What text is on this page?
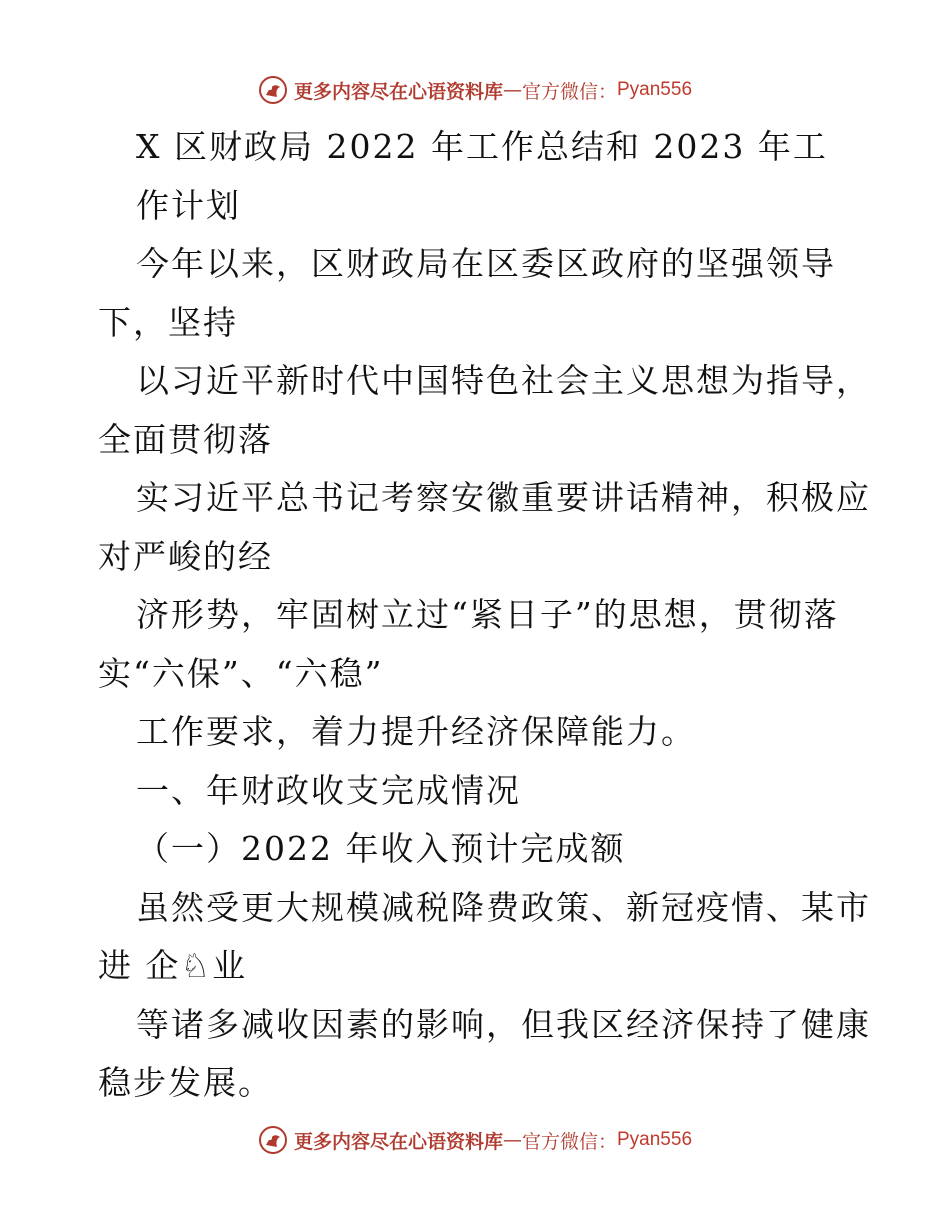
更多内容尽在心语资料库 — 官方微信： Pyan556
X 区财政局 2022 年工作总结和 2023 年工
作计划
今年以来，区财政局在区委区政府的坚强领导
下，坚持
以习近平新时代中国特色社会主义思想为指导，
全面贯彻落
实习近平总书记考察安徽重要讲话精神，积极应
对严峻的经
济形势，牢固树立过“紧日子”的思想，贯彻落
实“六保”、“六稳”
工作要求，着力提升经济保障能力。
一、年财政收支完成情况
（一）2022 年收入预计完成额
虽然受更大规模减税降费政策、新冠疫情、某市
进 企♘业
等诸多减收因素的影响，但我区经济保持了健康
稳步发展。
更多内容尽在心语资料库 — 官方微信： Pyan556
